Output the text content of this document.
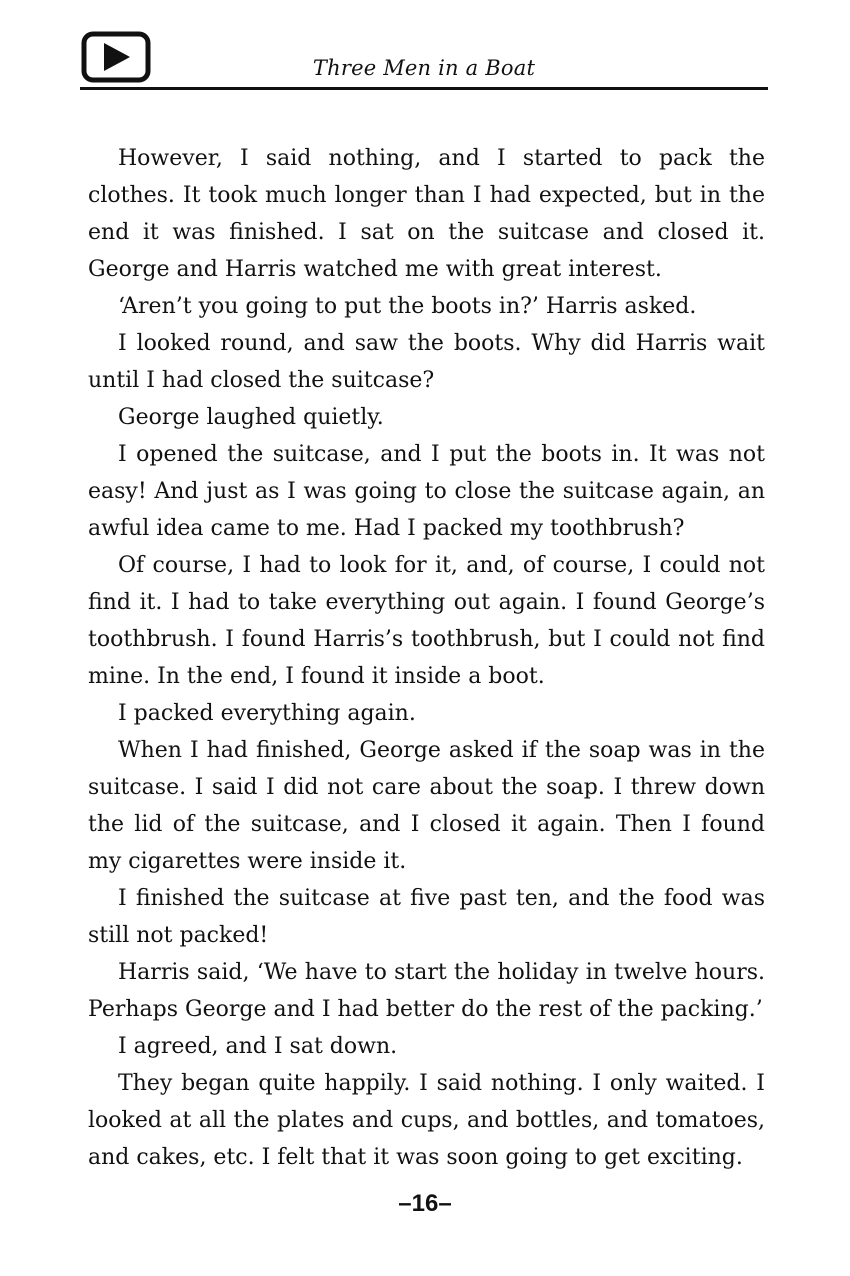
Three Men in a Boat

However, I said nothing, and I started to pack the clothes. It took much longer than I had expected, but in the end it was finished. I sat on the suitcase and closed it. George and Harris watched me with great interest.

‘Aren’t you going to put the boots in?’ Harris asked.

I looked round, and saw the boots. Why did Harris wait until I had closed the suitcase?

George laughed quietly.

I opened the suitcase, and I put the boots in. It was not easy! And just as I was going to close the suitcase again, an awful idea came to me. Had I packed my toothbrush?

Of course, I had to look for it, and, of course, I could not find it. I had to take everything out again. I found George’s toothbrush. I found Harris’s toothbrush, but I could not find mine. In the end, I found it inside a boot.

I packed everything again.

When I had finished, George asked if the soap was in the suitcase. I said I did not care about the soap. I threw down the lid of the suitcase, and I closed it again. Then I found my cigarettes were inside it.

I finished the suitcase at five past ten, and the food was still not packed!

Harris said, ‘We have to start the holiday in twelve hours. Perhaps George and I had better do the rest of the packing.’

I agreed, and I sat down.

They began quite happily. I said nothing. I only waited. I looked at all the plates and cups, and bottles, and tomatoes, and cakes, etc. I felt that it was soon going to get exciting.

–16–
